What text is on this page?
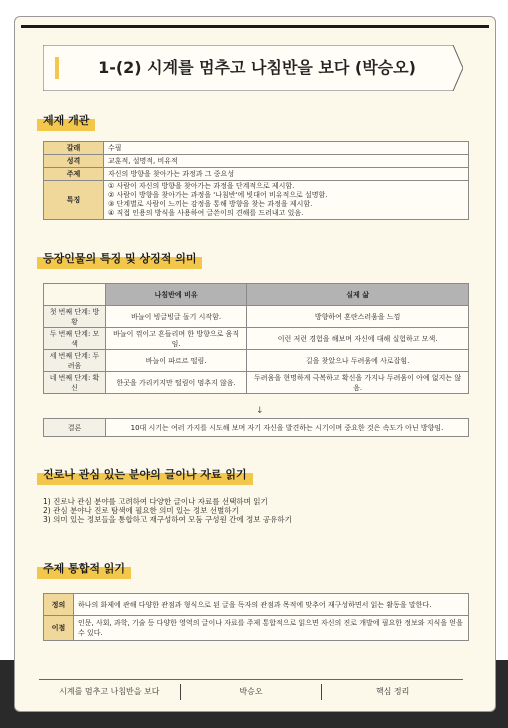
1-(2) 시계를 멈추고 나침반을 보다 (박승오)
제재 개관
갈래	수필
성격	교훈적, 설명적, 비유적
주제	자신의 방향을 찾아가는 과정과 그 중요성
특징	① 사람이 자신의 방향을 찾아가는 과정을 단계적으로 제시함.
② 사람이 방향을 찾아가는 과정을 '나침반'에 빗대어 비유적으로 설명함.
③ 단계별로 사람이 느끼는 감정을 통해 방향을 찾는 과정을 제시함.
④ 직접 인용의 방식을 사용하여 글쓴이의 견해를 드러내고 있음.
등장인물의 특징 및 상징적 의미
	나침반에 비유	실제 삶
첫 번째 단계: 방황	바늘이 빙글빙글 돌기 시작함.	방향하여 혼란스러움을 느낌
두 번째 단계: 모색	바늘이 꺾이고 흔들리며 한 방향으로 움직임.	이런 저런 경험을 해보며 자신에 대해 실험하고 모색.
세 번째 단계: 두려움	바늘이 파르르 떨림.	길을 찾았으나 두려움에 사로잡힘.
네 번째 단계: 확신	한곳을 가리키지만 떨림이 멈추지 않음.	두려움을 현명하게 극복하고 확신을 가지나 두려움이 아예 없지는 않음.
↓
결론	10대 시기는 여러 가지를 시도해 보며 자기 자신을 발견하는 시기이며 중요한 것은 속도가 아닌 방향임.
진로나 관심 있는 분야의 글이나 자료 읽기
1) 진로나 관심 분야를 고려하여 다양한 글이나 자료를 선택하며 읽기
2) 관심 분야나 진로 탐색에 필요한 의미 있는 정보 선별하기
3) 의미 있는 정보들을 통합하고 재구성하여 모둠 구성원 간에 정보 공유하기
주제 통합적 읽기
정의	하나의 화제에 관해 다양한 관점과 형식으로 된 글을 독자의 관점과 목적에 맞추어 재구성하면서 읽는 활동을 말한다.
이점	인문, 사회, 과학, 기술 등 다양한 영역의 글이나 자료를 주제 통합적으로 읽으면 자신의 진로 개발에 필요한 정보와 지식을 얻을 수 있다.
시계를 멈추고 나침반을 보다	박승오	핵심 정리
